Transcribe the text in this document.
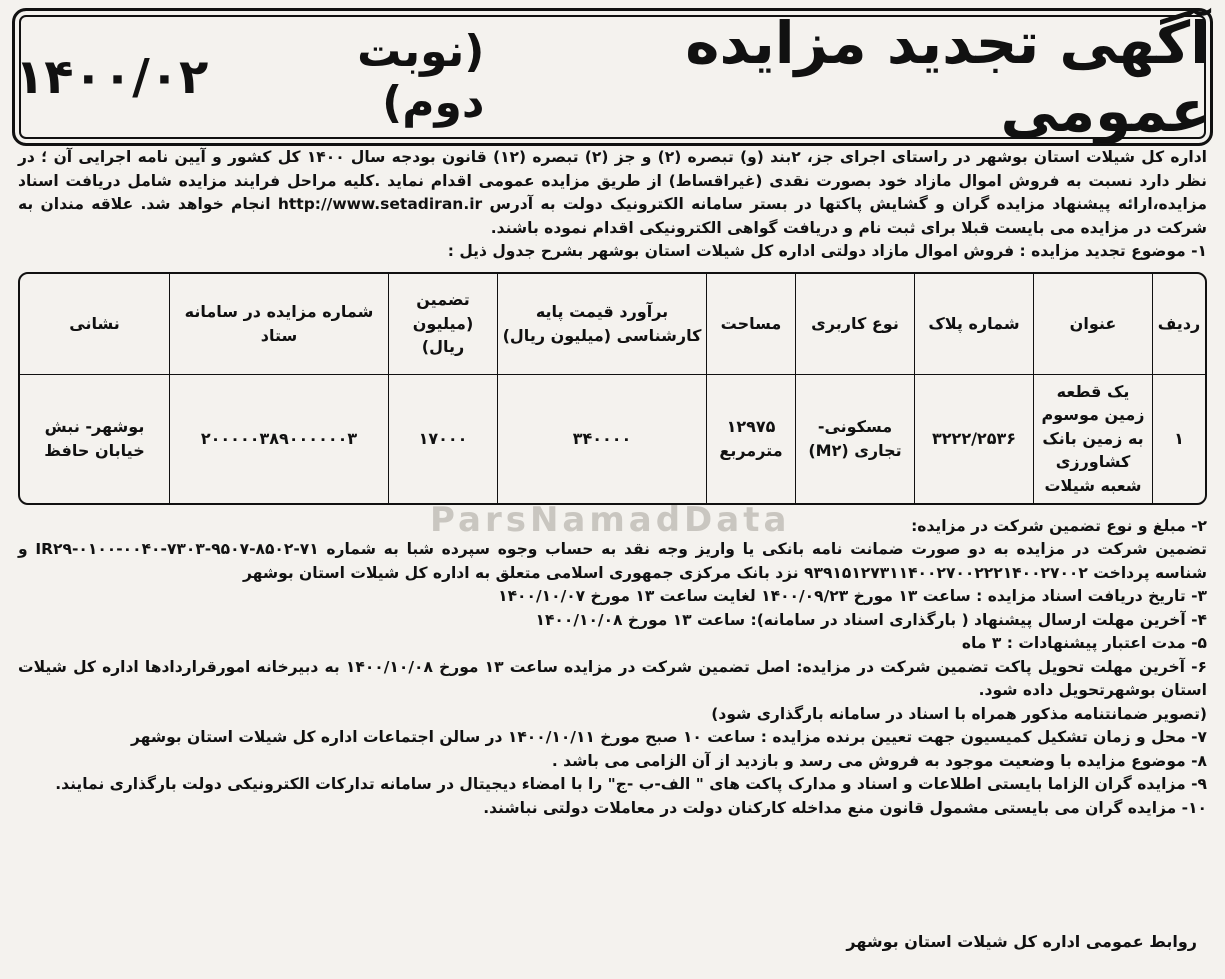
آگهی تجدید مزایده عمومی
(نوبت دوم)
۱۴۰۰/۰۲

اداره کل شیلات استان بوشهر در راستای اجرای جز، ۲بند (و) تبصره (۲) و جز (۲) تبصره (۱۲) قانون بودجه سال ۱۴۰۰ کل کشور و آیین نامه اجرایی آن ؛ در نظر دارد نسبت به فروش اموال مازاد خود بصورت نقدی (غیراقساط) از طریق مزایده عمومی اقدام نماید .کلیه مراحل فرایند مزایده شامل دریافت اسناد مزایده،ارائه پیشنهاد مزایده گران و گشایش پاکتها در بستر سامانه الکترونیک دولت به آدرس http://www.setadiran.ir انجام خواهد شد. علاقه مندان به شرکت در مزایده می بایست قبلا برای ثبت نام و دریافت گواهی الکترونیکی اقدام نموده باشند.

۱- موضوع تجدید مزایده : فروش اموال مازاد دولتی اداره کل شیلات استان بوشهر بشرح جدول ذیل :

ردیف	عنوان	شماره پلاک	نوع کاربری	مساحت	برآورد قیمت پایه کارشناسی (میلیون ریال)	تضمین (میلیون ریال)	شماره مزایده در سامانه ستاد	نشانی
۱	یک قطعه زمین موسوم به زمین بانک کشاورزی شعبه شیلات	۳۲۲۲/۲۵۳۶	مسکونی-تجاری (M۲)	۱۲۹۷۵ مترمربع	۳۴۰۰۰۰	۱۷۰۰۰	۲۰۰۰۰۰۳۸۹۰۰۰۰۰۰۳	بوشهر- نبش خیابان حافظ

۲- مبلغ و نوع تضمین شرکت در مزایده:

تضمین شرکت در مزایده به دو صورت ضمانت نامه بانکی یا واریز وجه نقد به حساب وجوه سپرده شبا به شماره IR۲۹-۰۱۰۰-۰۰۴۰-۷۳۰۳-۹۵۰۷-۸۵۰۲-۷۱ و شناسه پرداخت ۹۳۹۱۵۱۲۷۳۱۱۴۰۰۲۷۰۰۲۲۲۱۴۰۰۲۷۰۰۲ نزد بانک مرکزی جمهوری اسلامی متعلق به اداره کل شیلات استان بوشهر

۳- تاریخ دریافت اسناد مزایده : ساعت ۱۳ مورخ ۱۴۰۰/۰۹/۲۳ لغایت ساعت ۱۳ مورخ ۱۴۰۰/۱۰/۰۷

۴- آخرین مهلت ارسال پیشنهاد ( بارگذاری اسناد در سامانه): ساعت ۱۳ مورخ ۱۴۰۰/۱۰/۰۸

۵- مدت اعتبار پیشنهادات : ۳ ماه

۶- آخرین مهلت تحویل پاکت تضمین شرکت در مزایده: اصل تضمین شرکت در مزایده ساعت ۱۳ مورخ ۱۴۰۰/۱۰/۰۸ به دبیرخانه امورقراردادها اداره کل شیلات استان بوشهرتحویل داده شود.

(تصویر ضمانتنامه مذکور همراه با اسناد در سامانه بارگذاری شود)

۷- محل و زمان تشکیل کمیسیون جهت تعیین برنده مزایده : ساعت ۱۰ صبح مورخ ۱۴۰۰/۱۰/۱۱ در سالن اجتماعات اداره کل شیلات استان بوشهر

۸- موضوع مزایده با وضعیت موجود به فروش می رسد و بازدید از آن الزامی می باشد .

۹- مزایده گران الزاما بایستی اطلاعات و اسناد و مدارک پاکت های " الف-ب -ج" را با امضاء دیجیتال در سامانه تدارکات الکترونیکی دولت بارگذاری نمایند.

۱۰- مزایده گران می بایستی مشمول قانون منع مداخله کارکنان دولت در معاملات دولتی نباشند.

ParsNamadData
روابط عمومی اداره کل شیلات استان بوشهر
